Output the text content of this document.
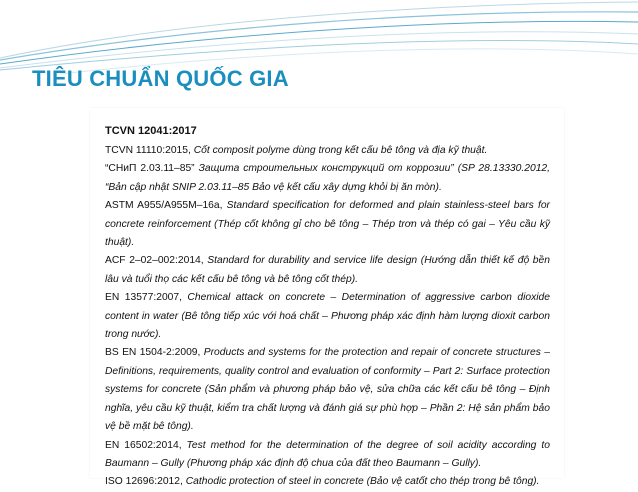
TIÊU CHUẨN QUỐC GIA
TCVN 12041:2017

TCVN 11110:2015, Cốt composit polyme dùng trong kết cấu bê tông và địa kỹ thuật.

“СНиП 2.03.11–85” Защита строительных конструкций от коррозии” (SP 28.13330.2012, “Bản cập nhật SNIP 2.03.11–85 Bảo vệ kết cấu xây dựng khỏi bị ăn mòn).

ASTM A955/A955M–16a, Standard specification for deformed and plain stainless-steel bars for concrete reinforcement (Thép cốt không gỉ cho bê tông – Thép trơn và thép có gai – Yêu cầu kỹ thuật).

ACF 2–02–002:2014, Standard for durability and service life design (Hướng dẫn thiết kế độ bền lâu và tuổi thọ các kết cấu bê tông và bê tông cốt thép).

EN 13577:2007, Chemical attack on concrete – Determination of aggressive carbon dioxide content in water (Bê tông tiếp xúc với hoá chất – Phương pháp xác định hàm lượng dioxit carbon trong nước).

BS EN 1504-2:2009, Products and systems for the protection and repair of concrete structures – Definitions, requirements, quality control and evaluation of conformity – Part 2: Surface protection systems for concrete (Sản phẩm và phương pháp bảo vệ, sửa chữa các kết cấu bê tông – Định nghĩa, yêu cầu kỹ thuật, kiểm tra chất lượng và đánh giá sự phù hợp – Phần 2: Hệ sản phẩm bảo vệ bề mặt bê tông).

EN 16502:2014, Test method for the determination of the degree of soil acidity according to Baumann – Gully (Phương pháp xác định độ chua của đất theo Baumann – Gully).

ISO 12696:2012, Cathodic protection of steel in concrete (Bảo vệ catốt cho thép trong bê tông).
